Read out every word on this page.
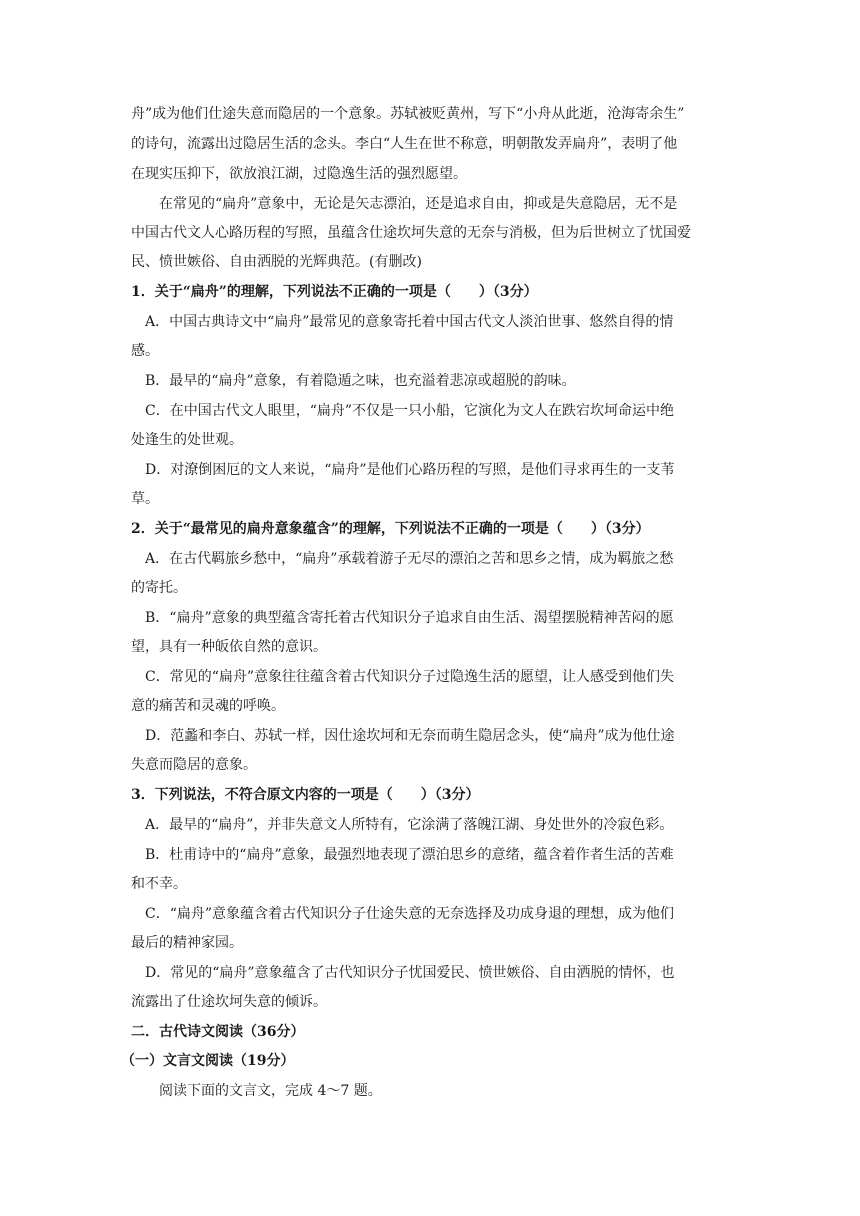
舟”成为他们仕途失意而隐居的一个意象。苏轼被贬黄州，写下“小舟从此逝，沧海寄余生”
的诗句，流露出过隐居生活的念头。李白“人生在世不称意，明朝散发弄扁舟”，表明了他
在现实压抑下，欲放浪江湖，过隐逸生活的强烈愿望。
在常见的“扁舟”意象中，无论是矢志漂泊，还是追求自由，抑或是失意隐居，无不是
中国古代文人心路历程的写照，虽蕴含仕途坎坷失意的无奈与消极，但为后世树立了忧国爱
民、愤世嫉俗、自由洒脱的光辉典范。(有删改)
1．关于“扁舟”的理解，下列说法不正确的一项是（　　）（3分）
A．中国古典诗文中“扁舟”最常见的意象寄托着中国古代文人淡泊世事、悠然自得的情
感。
B．最早的“扁舟”意象，有着隐遁之味，也充溢着悲凉或超脱的韵味。
C．在中国古代文人眼里，“扁舟”不仅是一只小船，它演化为文人在跌宕坎坷命运中绝
处逢生的处世观。
D．对潦倒困厄的文人来说，“扁舟”是他们心路历程的写照，是他们寻求再生的一支苇
草。
2．关于“最常见的扁舟意象蕴含”的理解，下列说法不正确的一项是（　　）（3分）
A．在古代羁旅乡愁中，“扁舟”承载着游子无尽的漂泊之苦和思乡之情，成为羁旅之愁
的寄托。
B．“扁舟”意象的典型蕴含寄托着古代知识分子追求自由生活、渴望摆脱精神苦闷的愿
望，具有一种皈依自然的意识。
C．常见的“扁舟”意象往往蕴含着古代知识分子过隐逸生活的愿望，让人感受到他们失
意的痛苦和灵魂的呼唤。
D．范蠡和李白、苏轼一样，因仕途坎坷和无奈而萌生隐居念头，使“扁舟”成为他仕途
失意而隐居的意象。
3．下列说法，不符合原文内容的一项是（　　）（3分）
A．最早的“扁舟”，并非失意文人所特有，它涂满了落魄江湖、身处世外的冷寂色彩。
B．杜甫诗中的“扁舟”意象，最强烈地表现了漂泊思乡的意绪，蕴含着作者生活的苦难
和不幸。
C．“扁舟”意象蕴含着古代知识分子仕途失意的无奈选择及功成身退的理想，成为他们
最后的精神家园。
D．常见的“扁舟”意象蕴含了古代知识分子忧国爱民、愤世嫉俗、自由洒脱的情怀，也
流露出了仕途坎坷失意的倾诉。
二．古代诗文阅读（36分）
（一）文言文阅读（19分）
阅读下面的文言文，完成 4～7 题。
